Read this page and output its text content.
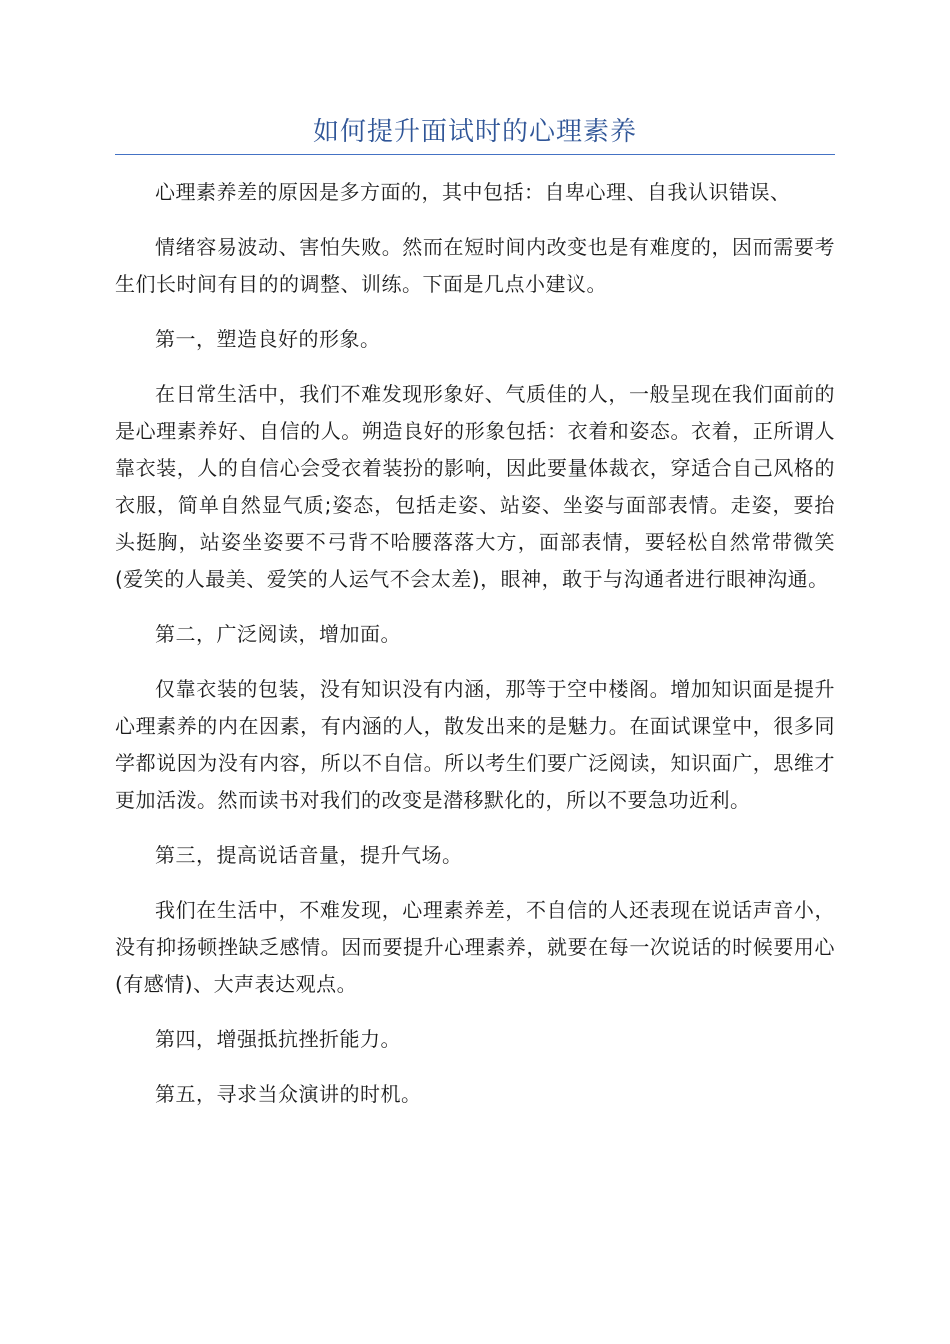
如何提升面试时的心理素养

心理素养差的原因是多方面的，其中包括：自卑心理、自我认识错误、

情绪容易波动、害怕失败。然而在短时间内改变也是有难度的，因而需要考生们长时间有目的的调整、训练。下面是几点小建议。

第一，塑造良好的形象。

在日常生活中，我们不难发现形象好、气质佳的人，一般呈现在我们面前的是心理素养好、自信的人。朔造良好的形象包括：衣着和姿态。衣着，正所谓人靠衣装，人的自信心会受衣着装扮的影响，因此要量体裁衣，穿适合自己风格的衣服，简单自然显气质;姿态，包括走姿、站姿、坐姿与面部表情。走姿，要抬头挺胸，站姿坐姿要不弓背不哈腰落落大方，面部表情，要轻松自然常带微笑(爱笑的人最美、爱笑的人运气不会太差)，眼神，敢于与沟通者进行眼神沟通。

第二，广泛阅读，增加面。

仅靠衣装的包装，没有知识没有内涵，那等于空中楼阁。增加知识面是提升心理素养的内在因素，有内涵的人，散发出来的是魅力。在面试课堂中，很多同学都说因为没有内容，所以不自信。所以考生们要广泛阅读，知识面广，思维才更加活泼。然而读书对我们的改变是潜移默化的，所以不要急功近利。

第三，提高说话音量，提升气场。

我们在生活中，不难发现，心理素养差，不自信的人还表现在说话声音小，没有抑扬顿挫缺乏感情。因而要提升心理素养，就要在每一次说话的时候要用心(有感情)、大声表达观点。

第四，增强抵抗挫折能力。

第五，寻求当众演讲的时机。
